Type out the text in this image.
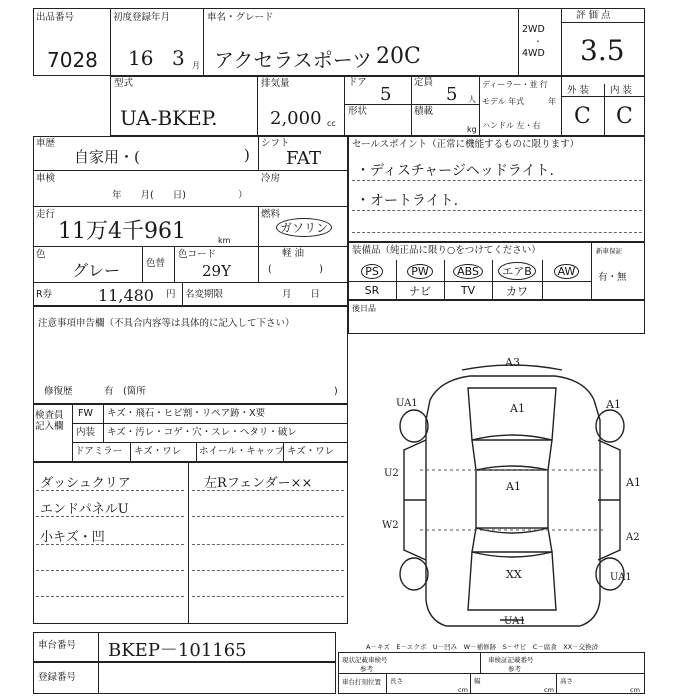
出品番号
7028
初度登録年月
16 3 月
車名・グレード
アクセラスポーツ 20C
2WD
・
4WD
評 価 点
3.5
型式
UA-BKEP.
排気量
2,000 cc
ドア
5
定員
5 人
形状	積載
kg
ディーラー・並 行
モデル 年式	年
ハンドル 左・右
外 装 内 装
C C
車歴
自家用・(	)
シフト
FAT
車検
年　　月(　　日)	）
冷房
走行
11万4千961	km
燃料
ガソリン
色
グレー	色替
色コード
29Y
軽 油
(　　　　　)
R券	11,480 円 名変期限	月　　日
セールスポイント（正常に機能するものに限ります）
・ディスチャージヘッドライト.
・オートライト.
装備品（純正品に限り○をつけてください）	新車保証
有・無
PS	PW	ABS	エアB	AW
SR	ナビ	TV	カワ
後日品
注意事項申告欄（不具合内容等は具体的に記入して下さい）
修復歴	有　(箇所	)
検査員 記入欄
FW キズ・飛石・ヒビ割・リペア跡・X要
内装 キズ・汚レ・コゲ・穴・スレ・ヘタリ・破レ
ドアミラー キズ・ワレ ホイール・キャップ キズ・ワレ
ダッシュクリア
エンドパネルU
小キズ・凹
左Rフェンダー××
A3
A1
UA1	A1
A1
U2
A1
W2
A2
UA1
XX
UA1
車台番号 BKEP－101165
登録番号
A－キズ　E－エクボ　U－凹み　W－補修跡　S－サビ　C－腐食　XX－交換済
現状記載車検号
参考
車検証記載番号
参考
車台打刻位置 長さ
cm
幅
cm
高さ
cm
